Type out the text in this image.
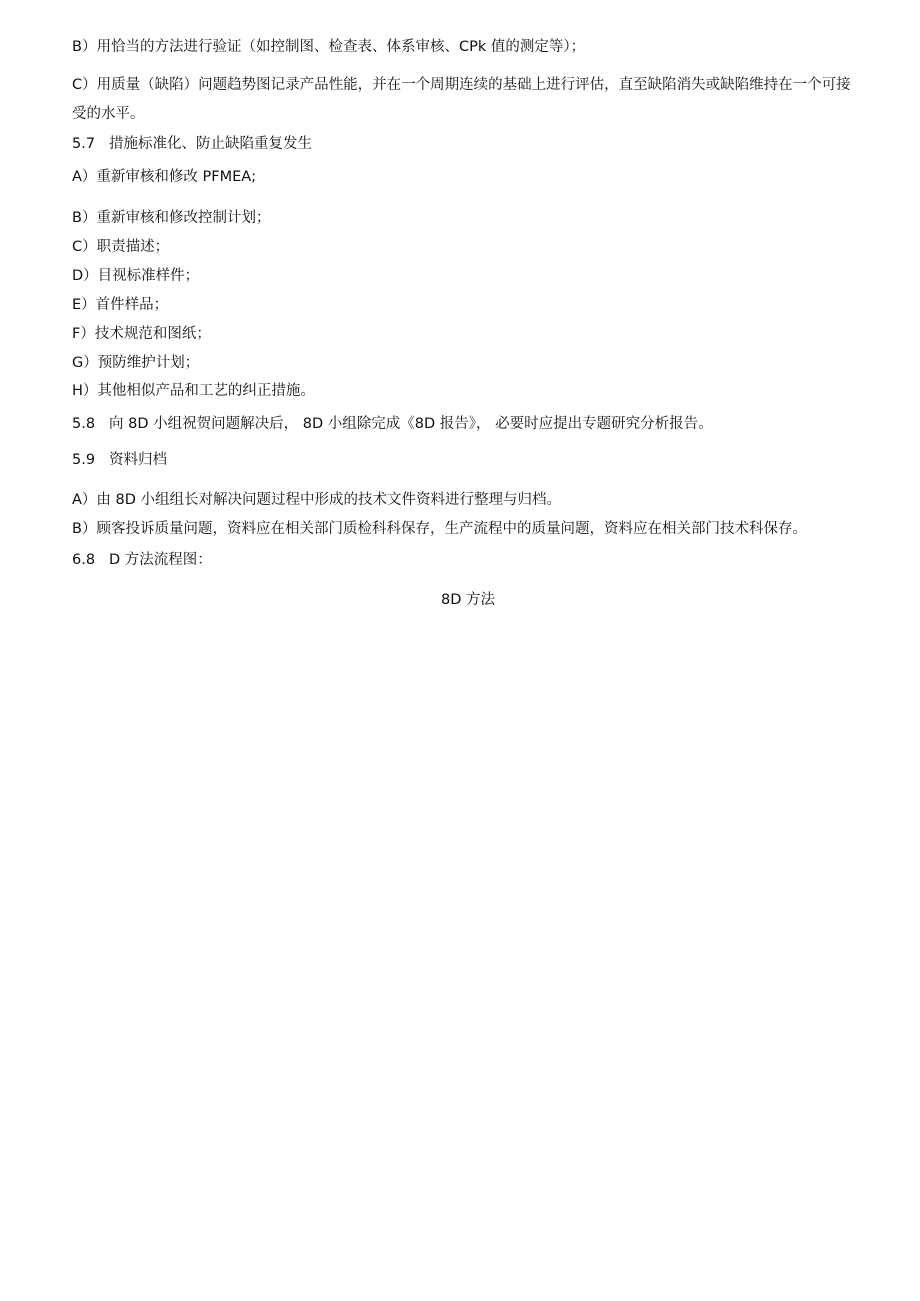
B）用恰当的方法进行验证（如控制图、检查表、体系审核、CPk 值的测定等）；
C）用质量（缺陷）问题趋势图记录产品性能，并在一个周期连续的基础上进行评估，直至缺陷消失或缺陷维持在一个可接受的水平。
5.7 措施标准化、防止缺陷重复发生
A）重新审核和修改 PFMEA;
B）重新审核和修改控制计划；
C）职责描述；
D）目视标准样件；
E）首件样品；
F）技术规范和图纸；
G）预防维护计划；
H）其他相似产品和工艺的纠正措施。
5.8 向 8D 小组祝贺问题解决后， 8D 小组除完成《8D 报告》， 必要时应提出专题研究分析报告。
5.9 资料归档
A）由 8D 小组组长对解决问题过程中形成的技术文件资料进行整理与归档。
B）顾客投诉质量问题，资料应在相关部门质检科科保存，生产流程中的质量问题，资料应在相关部门技术科保存。
6.8 D 方法流程图：
8D 方法
